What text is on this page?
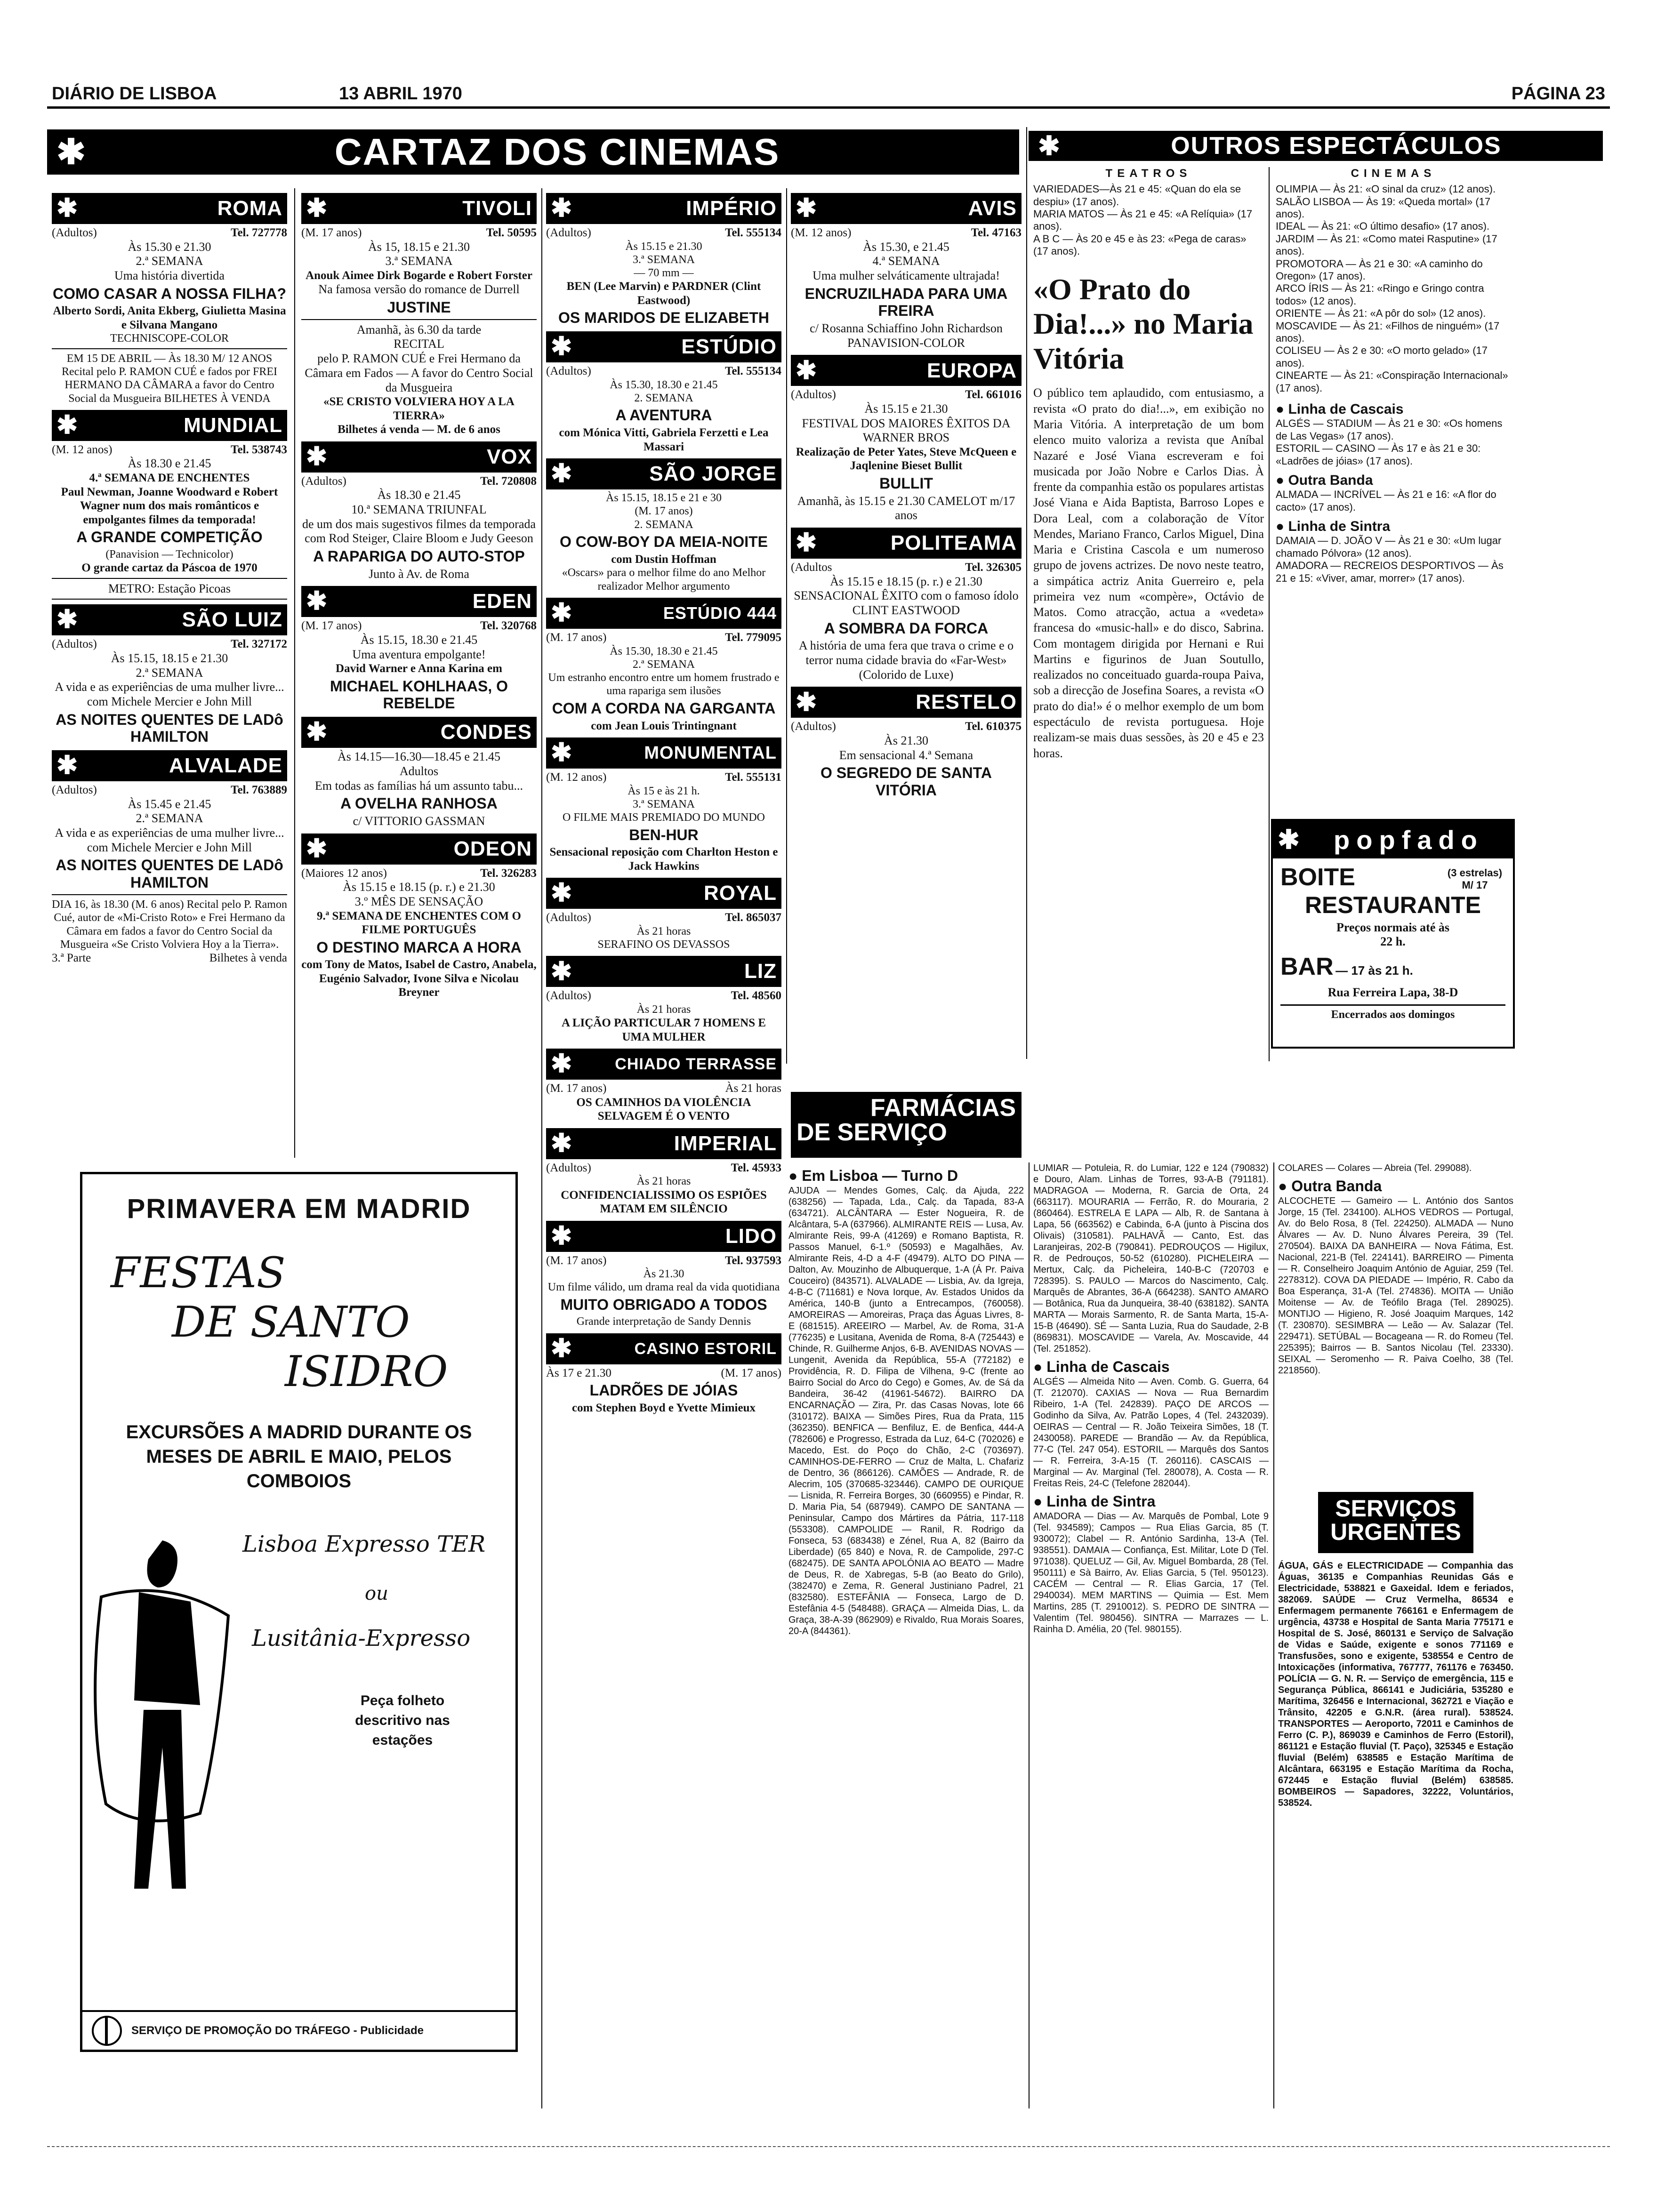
DIÁRIO DE LISBOA	13 ABRIL 1970	PÁGINA 23
✱	CARTAZ DOS CINEMAS
✱	ROMA
(Adultos)	Tel. 727778
Às 15.30 e 21.30
2.ª SEMANA
Uma história divertida
COMO CASAR A NOSSA FILHA?
Alberto Sordi, Anita Ekberg, Giulietta Masina e Silvana Mangano
TECHNISCOPE-COLOR
EM 15 DE ABRIL — Às 18.30 M/ 12 ANOS Recital pelo P. RAMON CUÉ e fados por FREI HERMANO DA CÂMARA a favor do Centro Social da Musgueira BILHETES À VENDA
✱	MUNDIAL
(M. 12 anos)	Tel. 538743
Às 18.30 e 21.45
4.ª SEMANA DE ENCHENTES
Paul Newman, Joanne Woodward e Robert Wagner num dos mais românticos e empolgantes filmes da temporada!
A GRANDE COMPETIÇÃO
(Panavision — Technicolor)
O grande cartaz da Páscoa de 1970
METRO: Estação Picoas
✱	SÃO LUIZ
(Adultos)	Tel. 327172
Às 15.15, 18.15 e 21.30
2.ª SEMANA
A vida e as experiências de uma mulher livre...
com Michele Mercier e John Mill
AS NOITES QUENTES DE LADô HAMILTON
✱	ALVALADE
(Adultos)	Tel. 763889
Às 15.45 e 21.45
2.ª SEMANA
A vida e as experiências de uma mulher livre...
com Michele Mercier e John Mill
AS NOITES QUENTES DE LADô HAMILTON
DIA 16, às 18.30 (M. 6 anos) Recital pelo P. Ramon Cué, autor de «Mi-Cristo Roto» e Frei Hermano da Câmara em fados a favor do Centro Social da Musgueira «Se Cristo Volviera Hoy a la Tierra».
3.ª Parte	Bilhetes à venda
✱	TIVOLI
(M. 17 anos)	Tel. 50595
Às 15, 18.15 e 21.30
3.ª SEMANA
Anouk Aimee Dirk Bogarde e Robert Forster
Na famosa versão do romance de Durrell
JUSTINE
Amanhã, às 6.30 da tarde
RECITAL
pelo P. RAMON CUÉ e Frei Hermano da Câmara em Fados — A favor do Centro Social da Musgueira
«SE CRISTO VOLVIERA HOY A LA TIERRA»
Bilhetes á venda — M. de 6 anos
✱	VOX
(Adultos)	Tel. 720808
Às 18.30 e 21.45
10.ª SEMANA TRIUNFAL
de um dos mais sugestivos filmes da temporada com Rod Steiger, Claire Bloom e Judy Geeson
A RAPARIGA DO AUTO-STOP
Junto à Av. de Roma
✱	EDEN
(M. 17 anos)	Tel. 320768
Às 15.15, 18.30 e 21.45
Uma aventura empolgante!
David Warner e Anna Karina em
MICHAEL KOHLHAAS, O REBELDE
✱	CONDES
Às 14.15—16.30—18.45 e 21.45
Adultos
Em todas as famílias há um assunto tabu...
A OVELHA RANHOSA
c/ VITTORIO GASSMAN
✱	ODEON
(Maiores 12 anos)	Tel. 326283
Às 15.15 e 18.15 (p. r.) e 21.30
3.º MÊS DE SENSAÇÃO
9.ª SEMANA DE ENCHENTES COM O FILME PORTUGUÊS
O DESTINO MARCA A HORA
com Tony de Matos, Isabel de Castro, Anabela, Eugénio Salvador, Ivone Silva e Nicolau Breyner
✱	IMPÉRIO
(Adultos)	Tel. 555134
Às 15.15 e 21.30
3.ª SEMANA
— 70 mm —
BEN (Lee Marvin) e PARDNER (Clint Eastwood)
OS MARIDOS DE ELIZABETH
✱	ESTÚDIO
(Adultos)	Tel. 555134
Às 15.30, 18.30 e 21.45
2. SEMANA
A AVENTURA
com Mónica Vitti, Gabriela Ferzetti e Lea Massari
✱	SÃO JORGE
Às 15.15, 18.15 e 21 e 30
(M. 17 anos)
2. SEMANA
O COW-BOY DA MEIA-NOITE
com Dustin Hoffman
«Oscars» para o melhor filme do ano Melhor realizador Melhor argumento
✱	ESTÚDIO 444
(M. 17 anos)	Tel. 779095
Às 15.30, 18.30 e 21.45
2.ª SEMANA
Um estranho encontro entre um homem frustrado e uma rapariga sem ilusões
COM A CORDA NA GARGANTA
com Jean Louis Trintingnant
✱	MONUMENTAL
(M. 12 anos)	Tel. 555131
Às 15 e às 21 h.
3.ª SEMANA
O FILME MAIS PREMIADO DO MUNDO
BEN-HUR
Sensacional reposição com Charlton Heston e Jack Hawkins
✱	ROYAL
(Adultos)	Tel. 865037
Às 21 horas
SERAFINO OS DEVASSOS
✱	LIZ
(Adultos)	Tel. 48560
Às 21 horas
A LIÇÃO PARTICULAR 7 HOMENS E UMA MULHER
✱	CHIADO TERRASSE
(M. 17 anos)	Às 21 horas
OS CAMINHOS DA VIOLÊNCIA
SELVAGEM É O VENTO
✱	IMPERIAL
(Adultos)	Tel. 45933
Às 21 horas
CONFIDENCIALISSIMO OS ESPIÕES MATAM EM SILÊNCIO
✱	LIDO
(M. 17 anos)	Tel. 937593
Às 21.30
Um filme válido, um drama real da vida quotidiana
MUITO OBRIGADO A TODOS
Grande interpretação de Sandy Dennis
✱	CASINO ESTORIL
Às 17 e 21.30	(M. 17 anos)
LADRÕES DE JÓIAS
com Stephen Boyd e Yvette Mimieux
✱	AVIS
(M. 12 anos)	Tel. 47163
Às 15.30, e 21.45
4.ª SEMANA
Uma mulher selváticamente ultrajada!
ENCRUZILHADA PARA UMA FREIRA
c/ Rosanna Schiaffino John Richardson
PANAVISION-COLOR
✱	EUROPA
(Adultos)	Tel. 661016
Às 15.15 e 21.30
FESTIVAL DOS MAIORES ÊXITOS DA WARNER BROS
Realização de Peter Yates, Steve McQueen e Jaqlenine Bieset Bullit
BULLIT
Amanhã, às 15.15 e 21.30 CAMELOT m/17 anos
✱	POLITEAMA
(Adultos	Tel. 326305
Às 15.15 e 18.15 (p. r.) e 21.30
SENSACIONAL ÊXITO com o famoso ídolo CLINT EASTWOOD
A SOMBRA DA FORCA
A história de uma fera que trava o crime e o terror numa cidade bravia do «Far-West» (Colorido de Luxe)
✱	RESTELO
(Adultos)	Tel. 610375
Às 21.30
Em sensacional 4.ª Semana
O SEGREDO DE SANTA VITÓRIA
✱	OUTROS ESPECTÁCULOS
TEATROS
VARIEDADES—Às 21 e 45: «Quan do ela se despiu» (17 anos).
MARIA MATOS — Às 21 e 45: «A Relíquia» (17 anos).
A B C — Às 20 e 45 e às 23: «Pega de caras» (17 anos).
«O Prato do Dia!...» no Maria Vitória
O público tem aplaudido, com entusiasmo, a revista «O prato do dia!...», em exibição no Maria Vitória. A interpretação de um bom elenco muito valoriza a revista que Aníbal Nazaré e José Viana escreveram e foi musicada por João Nobre e Carlos Dias. À frente da companhia estão os populares artistas José Viana e Aida Baptista, Barroso Lopes e Dora Leal, com a colaboração de Vítor Mendes, Mariano Franco, Carlos Miguel, Dina Maria e Cristina Cascola e um numeroso grupo de jovens actrizes. De novo neste teatro, a simpática actriz Anita Guerreiro e, pela primeira vez num «compère», Octávio de Matos. Como atracção, actua a «vedeta» francesa do «music-hall» e do disco, Sabrina. Com montagem dirigida por Hernani e Rui Martins e figurinos de Juan Soutullo, realizados no conceituado guarda-roupa Paiva, sob a direcção de Josefina Soares, a revista «O prato do dia!» é o melhor exemplo de um bom espectáculo de revista portuguesa. Hoje realizam-se mais duas sessões, às 20 e 45 e 23 horas.
CINEMAS
OLIMPIA — Às 21: «O sinal da cruz» (12 anos).
SALÃO LISBOA — Às 19: «Queda mortal» (17 anos).
IDEAL — Às 21: «O último desafio» (17 anos).
JARDIM — Às 21: «Como matei Rasputine» (17 anos).
PROMOTORA — Às 21 e 30: «A caminho do Oregon» (17 anos).
ARCO ÍRIS — Às 21: «Ringo e Gringo contra todos» (12 anos).
ORIENTE — Às 21: «A pôr do sol» (12 anos).
MOSCAVIDE — Às 21: «Filhos de ninguém» (17 anos).
COLISEU — Às 2 e 30: «O morto gelado» (17 anos).
CINEARTE — Às 21: «Conspiração Internacional» (17 anos).
● Linha de Cascais
ALGÉS — STADIUM — Às 21 e 30: «Os homens de Las Vegas» (17 anos).
ESTORIL — CASINO — Às 17 e às 21 e 30: «Ladrões de jóias» (17 anos).
● Outra Banda
ALMADA — INCRÍVEL — Às 21 e 16: «A flor do cacto» (17 anos).
● Linha de Sintra
DAMAIA — D. JOÃO V — Às 21 e 30: «Um lugar chamado Pólvora» (12 anos).
AMADORA — RECREIOS DESPORTIVOS — Às 21 e 15: «Viver, amar, morrer» (17 anos).
✱	popfado
BOITE	(3 estrelas) M/ 17
RESTAURANTE
Preços normais até às 22 h.
BAR — 17 às 21 h.
Rua Ferreira Lapa, 38-D
Encerrados aos domingos
PRIMAVERA EM MADRID
FESTAS
DE SANTO
ISIDRO
EXCURSÕES A MADRID DURANTE OS MESES DE ABRIL E MAIO, PELOS COMBOIOS
Lisboa Expresso TER
ou
Lusitânia-Expresso
Peça folheto descritivo nas estações
SERVIÇO DE PROMOÇÃO DO TRÁFEGO - Publicidade
FARMÁCIAS
DE SERVIÇO
● Em Lisboa — Turno D
AJUDA — Mendes Gomes, Calç. da Ajuda, 222 (638256) — Tapada, Lda., Calç. da Tapada, 83-A (634721). ALCÂNTARA — Ester Nogueira, R. de Alcântara, 5-A (637966). ALMIRANTE REIS — Lusa, Av. Almirante Reis, 99-A (41269) e Romano Baptista, R. Passos Manuel, 6-1.º (50593) e Magalhães, Av. Almirante Reis, 4-D a 4-F (49479). ALTO DO PINA — Dalton, Av. Mouzinho de Albuquerque, 1-A (Á Pr. Paiva Couceiro) (843571). ALVALADE — Lisbia, Av. da Igreja, 4-B-C (711681) e Nova Iorque, Av. Estados Unidos da América, 140-B (junto a Entrecampos, (760058). AMOREIRAS — Amoreiras, Praça das Águas Livres, 8-E (681515). AREEIRO — Marbel, Av. de Roma, 31-A (776235) e Lusitana, Avenida de Roma, 8-A (725443) e Chinde, R. Guilherme Anjos, 6-B. AVENIDAS NOVAS — Lungenit, Avenida da República, 55-A (772182) e Providência, R. D. Filipa de Vilhena, 9-C (frente ao Bairro Social do Arco do Cego) e Gomes, Av. de Sá da Bandeira, 36-42 (41961-54672). BAIRRO DA ENCARNAÇÃO — Zira, Pr. das Casas Novas, lote 66 (310172). BAIXA — Simões Pires, Rua da Prata, 115 (362350). BENFICA — Benfiluz, E. de Benfica, 444-A (782606) e Progresso, Estrada da Luz, 64-C (702026) e Macedo, Est. do Poço do Chão, 2-C (703697). CAMINHOS-DE-FERRO — Cruz de Malta, L. Chafariz de Dentro, 36 (866126). CAMÕES — Andrade, R. de Alecrim, 105 (370685-323446). CAMPO DE OURIQUE — Lisnida, R. Ferreira Borges, 30 (660955) e Pindar, R. D. Maria Pia, 54 (687949). CAMPO DE SANTANA — Peninsular, Campo dos Mártires da Pátria, 117-118 (553308). CAMPOLIDE — Ranil, R. Rodrigo da Fonseca, 53 (683438) e Zénel, Rua A, 82 (Bairro da Liberdade) (65 840) e Nova, R. de Campolide, 297-C (682475). DE SANTA APOLÓNIA AO BEATO — Madre de Deus, R. de Xabregas, 5-B (ao Beato do Grilo), (382470) e Zema, R. General Justiniano Padrel, 21 (832580). ESTEFÂNIA — Fonseca, Largo de D. Estefânia 4-5 (548488). GRAÇA — Almeida Dias, L. da Graça, 38-A-39 (862909) e Rivaldo, Rua Morais Soares, 20-A (844361).
LUMIAR — Potuleia, R. do Lumiar, 122 e 124 (790832) e Douro, Alam. Linhas de Torres, 93-A-B (791181). MADRAGOA — Moderna, R. Garcia de Orta, 24 (663117). MOURARIA — Ferrão, R. do Mouraria, 2 (860464). ESTRELA E LAPA — Alb, R. de Santana à Lapa, 56 (663562) e Cabinda, 6-A (junto à Piscina dos Olivais) (310581). PALHAVÃ — Canto, Est. das Laranjeiras, 202-B (790841). PEDROUÇOS — Higilux, R. de Pedrouços, 50-52 (610280). PICHELEIRA — Mertux, Calç. da Picheleira, 140-B-C (720703 e 728395). S. PAULO — Marcos do Nascimento, Calç. Marquês de Abrantes, 36-A (664238). SANTO AMARO — Botânica, Rua da Junqueira, 38-40 (638182). SANTA MARTA — Morais Sarmento, R. de Santa Marta, 15-A-15-B (46490). SÉ — Santa Luzia, Rua do Saudade, 2-B (869831). MOSCAVIDE — Varela, Av. Moscavide, 44 (Tel. 251852).
● Linha de Cascais
ALGÉS — Almeida Nito — Aven. Comb. G. Guerra, 64 (T. 212070). CAXIAS — Nova — Rua Bernardim Ribeiro, 1-A (Tel. 242839). PAÇO DE ARCOS — Godinho da Silva, Av. Patrão Lopes, 4 (Tel. 2432039). OEIRAS — Central — R. João Teixeira Simões, 18 (T. 2430058). PAREDE — Brandão — Av. da República, 77-C (Tel. 247 054). ESTORIL — Marquês dos Santos — R. Ferreira, 3-A-15 (T. 260116). CASCAIS — Marginal — Av. Marginal (Tel. 280078), A. Costa — R. Freitas Reis, 24-C (Telefone 282044).
● Linha de Sintra
AMADORA — Dias — Av. Marquês de Pombal, Lote 9 (Tel. 934589); Campos — Rua Elias Garcia, 85 (T. 930072); Clabel — R. António Sardinha, 13-A (Tel. 938551). DAMAIA — Confiança, Est. Militar, Lote D (Tel. 971038). QUELUZ — Gil, Av. Miguel Bombarda, 28 (Tel. 950111) e Sà Bairro, Av. Elias Garcia, 5 (Tel. 950123). CACÉM — Central — R. Elias Garcia, 17 (Tel. 2940034). MEM MARTINS — Quimia — Est. Mem Martins, 285 (T. 2910012). S. PEDRO DE SINTRA — Valentim (Tel. 980456). SINTRA — Marrazes — L. Rainha D. Amélia, 20 (Tel. 980155).
COLARES — Colares — Abreia (Tel. 299088).
● Outra Banda
ALCOCHETE — Gameiro — L. António dos Santos Jorge, 15 (Tel. 234100). ALHOS VEDROS — Portugal, Av. do Belo Rosa, 8 (Tel. 224250). ALMADA — Nuno Álvares — Av. D. Nuno Álvares Pereira, 39 (Tel. 270504). BAIXA DA BANHEIRA — Nova Fátima, Est. Nacional, 221-B (Tel. 224141). BARREIRO — Pimenta — R. Conselheiro Joaquim António de Aguiar, 259 (Tel. 2278312). COVA DA PIEDADE — Império, R. Cabo da Boa Esperança, 31-A (Tel. 274836). MOITA — União Moitense — Av. de Teófilo Braga (Tel. 289025). MONTIJO — Higieno, R. José Joaquim Marques, 142 (T. 230870). SESIMBRA — Leão — Av. Salazar (Tel. 229471). SETÚBAL — Bocageana — R. do Romeu (Tel. 225395); Bairros — B. Santos Nicolau (Tel. 23330). SEIXAL — Seromenho — R. Paiva Coelho, 38 (Tel. 2218560).
SERVIÇOS
URGENTES
ÁGUA, GÁS e ELECTRICIDADE — Companhia das Águas, 36135 e Companhias Reunidas Gás e Electricidade, 538821 e Gaxeidal. Idem e feriados, 382069. SAÚDE — Cruz Vermelha, 86534 e Enfermagem permanente 766161 e Enfermagem de urgência, 43738 e Hospital de Santa Maria 775171 e Hospital de S. José, 860131 e Serviço de Salvação de Vidas e Saúde, exigente e sonos 771169 e Transfusões, sono e exigente, 538554 e Centro de Intoxicações (informativa, 767777, 761176 e 763450. POLÍCIA — G. N. R. — Serviço de emergência, 115 e Segurança Pública, 866141 e Judiciária, 535280 e Marítima, 326456 e Internacional, 362721 e Viação e Trânsito, 42205 e G.N.R. (área rural). 538524. TRANSPORTES — Aeroporto, 72011 e Caminhos de Ferro (C. P.), 869039 e Caminhos de Ferro (Estoril), 861121 e Estação fluvial (T. Paço), 325345 e Estação fluvial (Belém) 638585 e Estação Marítima de Alcântara, 663195 e Estação Marítima da Rocha, 672445 e Estação fluvial (Belém) 638585. BOMBEIROS — Sapadores, 32222, Voluntários, 538524.
